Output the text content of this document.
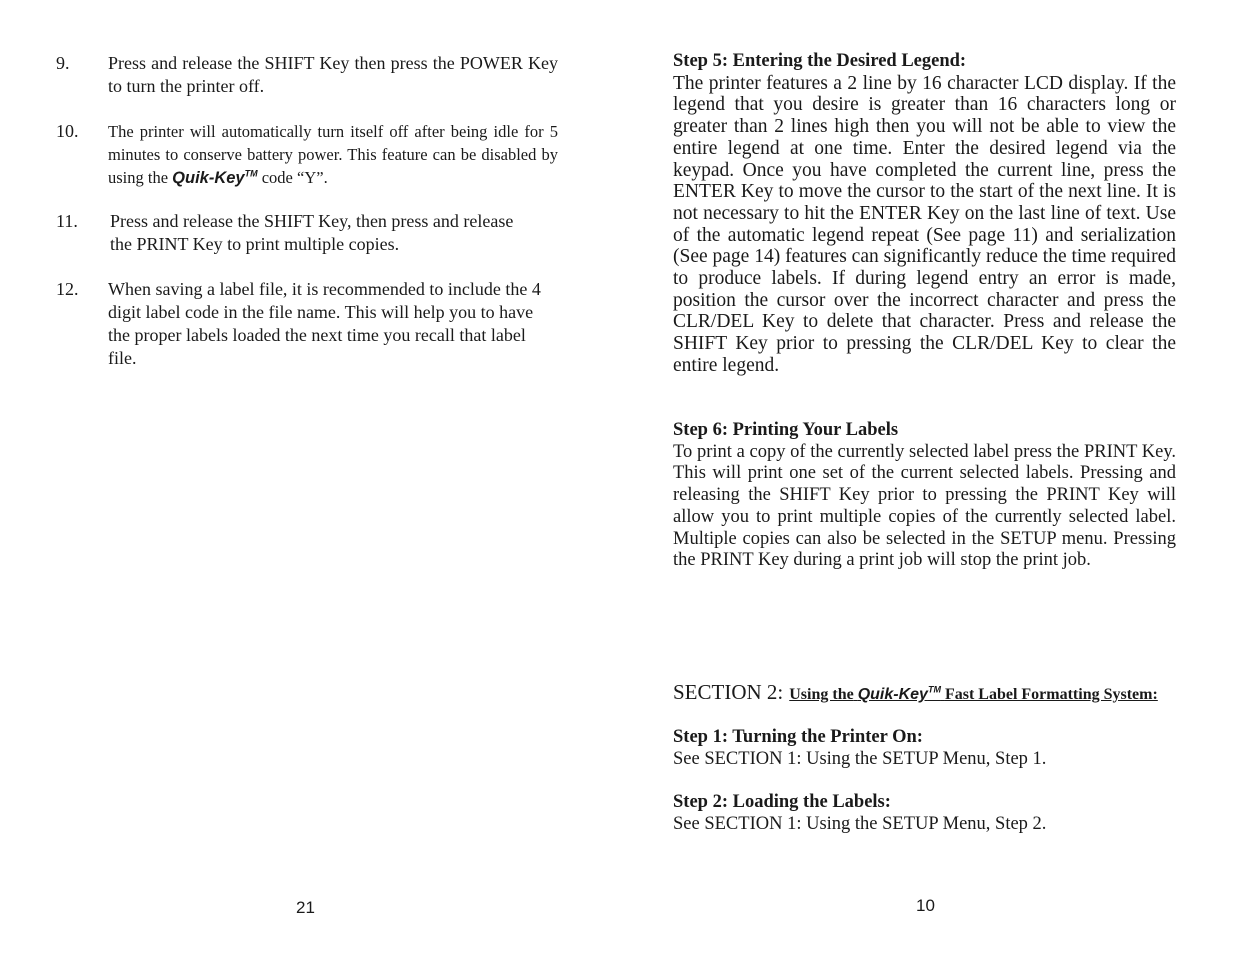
9. Press and release the SHIFT Key then press the POWER Key to turn the printer off.
10. The printer will automatically turn itself off after being idle for 5 minutes to conserve battery power. This feature can be disabled by using the Quik-Key™ code “Y”.
11. Press and release the SHIFT Key, then press and release the PRINT Key to print multiple copies.
12. When saving a label file, it is recommended to include the 4 digit label code in the file name. This will help you to have the proper labels loaded the next time you recall that label file.
21
Step 5: Entering the Desired Legend:
The printer features a 2 line by 16 character LCD display. If the legend that you desire is greater than 16 characters long or greater than 2 lines high then you will not be able to view the entire legend at one time. Enter the desired legend via the keypad. Once you have completed the current line, press the ENTER Key to move the cursor to the start of the next line. It is not necessary to hit the ENTER Key on the last line of text. Use of the automatic legend repeat (See page 11) and serialization (See page 14) features can significantly reduce the time required to produce labels. If during legend entry an error is made, position the cursor over the incorrect character and press the CLR/DEL Key to delete that character. Press and release the SHIFT Key prior to pressing the CLR/DEL Key to clear the entire legend.
Step 6: Printing Your Labels
To print a copy of the currently selected label press the PRINT Key. This will print one set of the current selected labels. Pressing and releasing the SHIFT Key prior to pressing the PRINT Key will allow you to print multiple copies of the currently selected label. Multiple copies can also be selected in the SETUP menu. Pressing the PRINT Key during a print job will stop the print job.
SECTION 2: Using the Quik-Key™ Fast Label Formatting System:
Step 1: Turning the Printer On:
See SECTION 1: Using the SETUP Menu, Step 1.
Step 2: Loading the Labels:
See SECTION 1: Using the SETUP Menu, Step 2.
10
